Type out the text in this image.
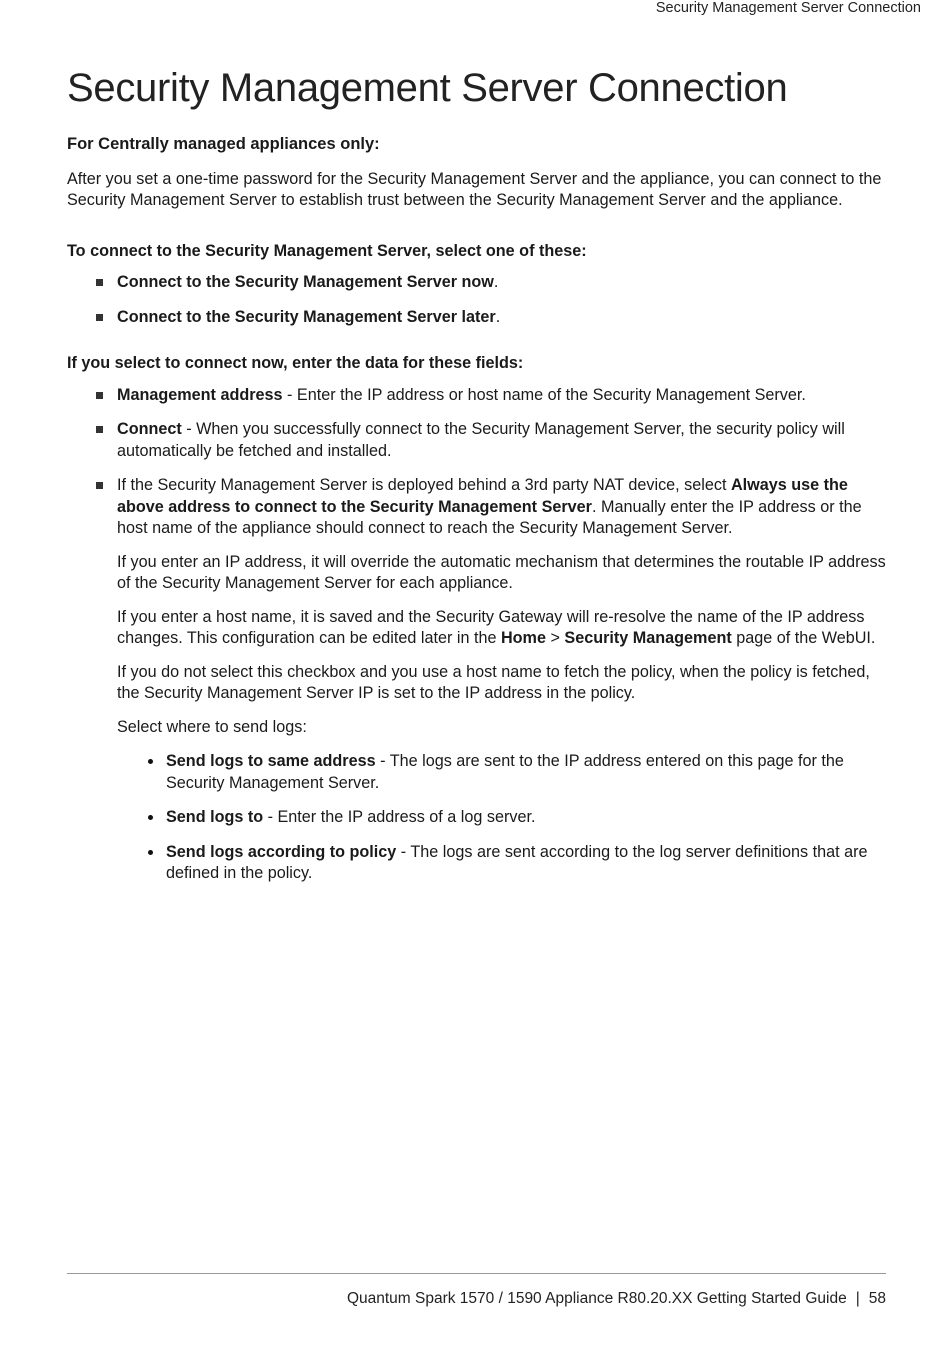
Security Management Server Connection
Security Management Server Connection

For Centrally managed appliances only:

After you set a one-time password for the Security Management Server and the appliance, you can connect to the Security Management Server to establish trust between the Security Management Server and the appliance.

To connect to the Security Management Server, select one of these:

Connect to the Security Management Server now.
Connect to the Security Management Server later.

If you select to connect now, enter the data for these fields:

Management address - Enter the IP address or host name of the Security Management Server.
Connect - When you successfully connect to the Security Management Server, the security policy will automatically be fetched and installed.

If the Security Management Server is deployed behind a 3rd party NAT device, select Always use the above address to connect to the Security Management Server. Manually enter the IP address or the host name of the appliance should connect to reach the Security Management Server.

If you enter an IP address, it will override the automatic mechanism that determines the routable IP address of the Security Management Server for each appliance.

If you enter a host name, it is saved and the Security Gateway will re-resolve the name of the IP address changes. This configuration can be edited later in the Home > Security Management page of the WebUI.

If you do not select this checkbox and you use a host name to fetch the policy, when the policy is fetched, the Security Management Server IP is set to the IP address in the policy.

Select where to send logs:

Send logs to same address - The logs are sent to the IP address entered on this page for the Security Management Server.
Send logs to - Enter the IP address of a log server.
Send logs according to policy - The logs are sent according to the log server definitions that are defined in the policy.
Quantum Spark 1570 / 1590 Appliance R80.20.XX Getting Started Guide | 58
